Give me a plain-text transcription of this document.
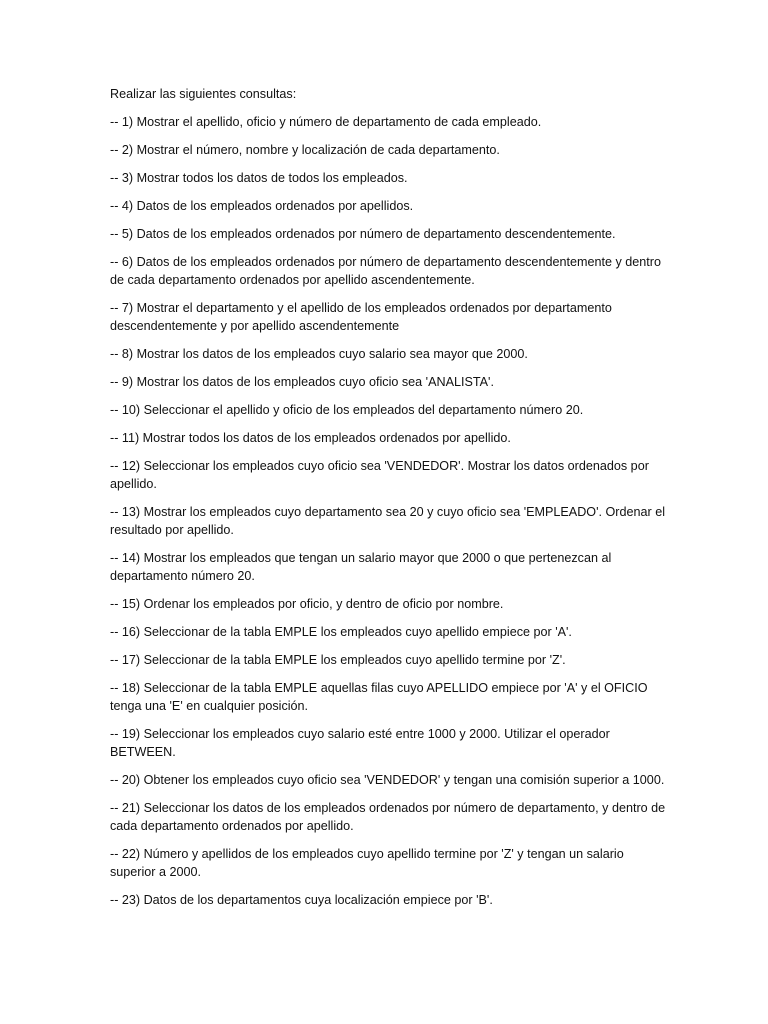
Realizar las siguientes consultas:

-- 1) Mostrar el apellido, oficio y número de departamento de cada empleado.
-- 2) Mostrar el número, nombre y localización de cada departamento.
-- 3) Mostrar todos los datos de todos los empleados.
-- 4) Datos de los empleados ordenados por apellidos.
-- 5) Datos de los empleados ordenados por número de departamento descendentemente.
-- 6) Datos de los empleados ordenados por número de departamento descendentemente y dentro de cada departamento ordenados por apellido ascendentemente.
-- 7) Mostrar el departamento y el apellido de los empleados ordenados por departamento descendentemente y por apellido ascendentemente
-- 8) Mostrar los datos de los empleados cuyo salario sea mayor que 2000.
-- 9) Mostrar los datos de los empleados cuyo oficio sea 'ANALISTA'.
-- 10) Seleccionar el apellido y oficio de los empleados del departamento número 20.
-- 11) Mostrar todos los datos de los empleados ordenados por apellido.
-- 12) Seleccionar los empleados cuyo oficio sea 'VENDEDOR'. Mostrar los datos ordenados por apellido.
-- 13) Mostrar los empleados cuyo departamento sea 20 y cuyo oficio sea 'EMPLEADO'. Ordenar el resultado por apellido.
-- 14) Mostrar los empleados que tengan un salario mayor que 2000 o que pertenezcan al departamento número 20.
-- 15) Ordenar los empleados por oficio, y dentro de oficio por nombre.
-- 16) Seleccionar de la tabla EMPLE los empleados cuyo apellido empiece por 'A'.
-- 17) Seleccionar de la tabla EMPLE los empleados cuyo apellido termine por 'Z'.
-- 18) Seleccionar de la tabla EMPLE aquellas filas cuyo APELLIDO empiece por 'A' y el OFICIO tenga una 'E' en cualquier posición.
-- 19) Seleccionar los empleados cuyo salario esté entre 1000 y 2000. Utilizar el operador BETWEEN.
-- 20) Obtener los empleados cuyo oficio sea 'VENDEDOR' y tengan una comisión superior a 1000.
-- 21) Seleccionar los datos de los empleados ordenados por número de departamento, y dentro de cada departamento ordenados por apellido.
-- 22) Número y apellidos de los empleados cuyo apellido termine por 'Z' y tengan un salario superior a 2000.
-- 23) Datos de los departamentos cuya localización empiece por 'B'.
